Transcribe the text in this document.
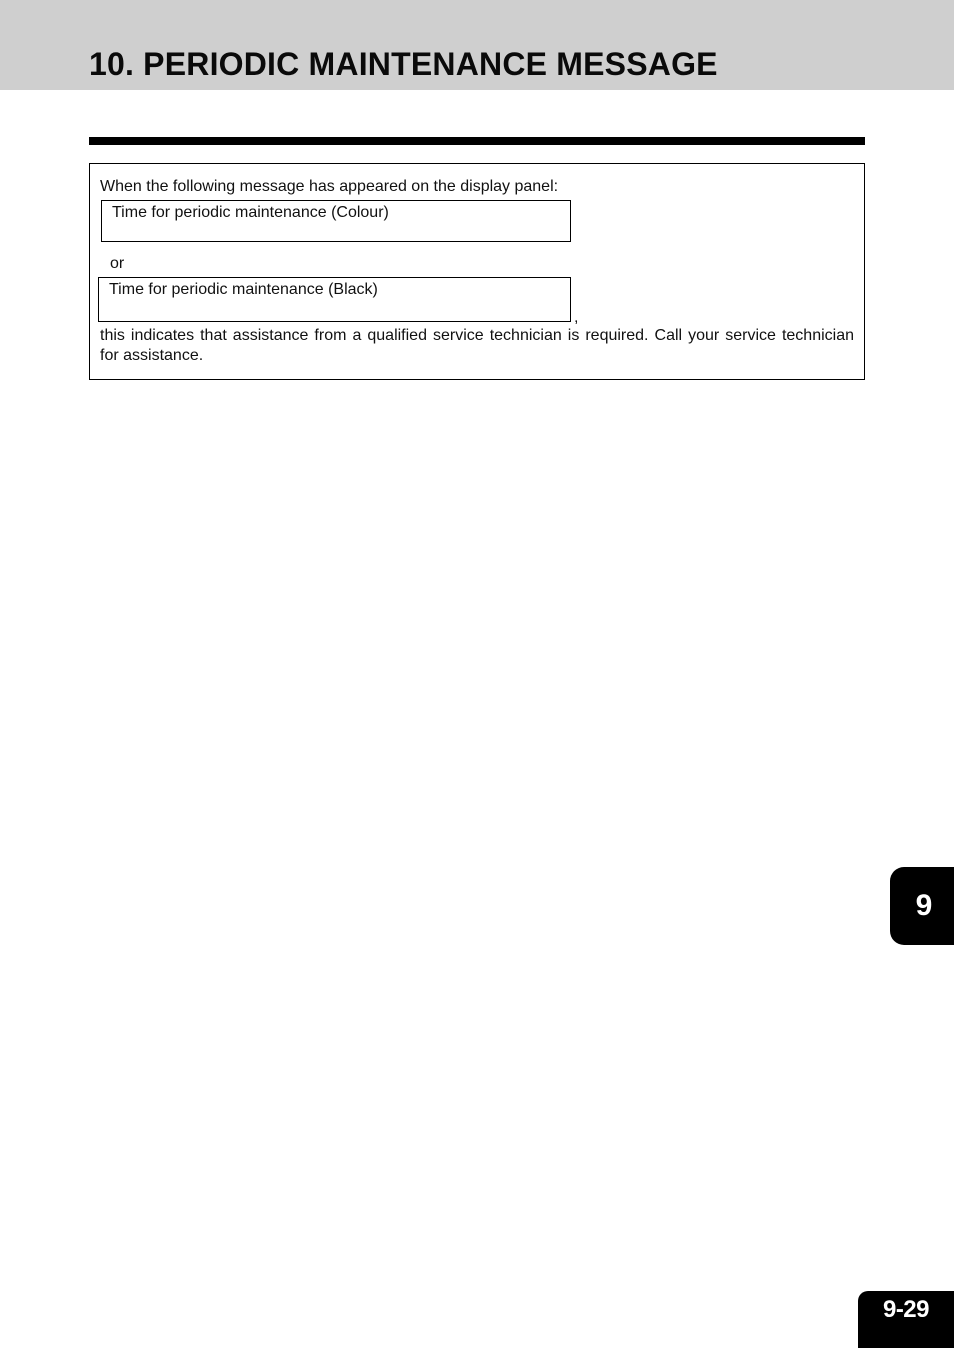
10. PERIODIC MAINTENANCE MESSAGE
When the following message has appeared on the display panel:
Time for periodic maintenance (Colour)
or
Time for periodic maintenance (Black)
,
this indicates that assistance from a qualified service technician is required. Call your service technician for assistance.
9
9-29
